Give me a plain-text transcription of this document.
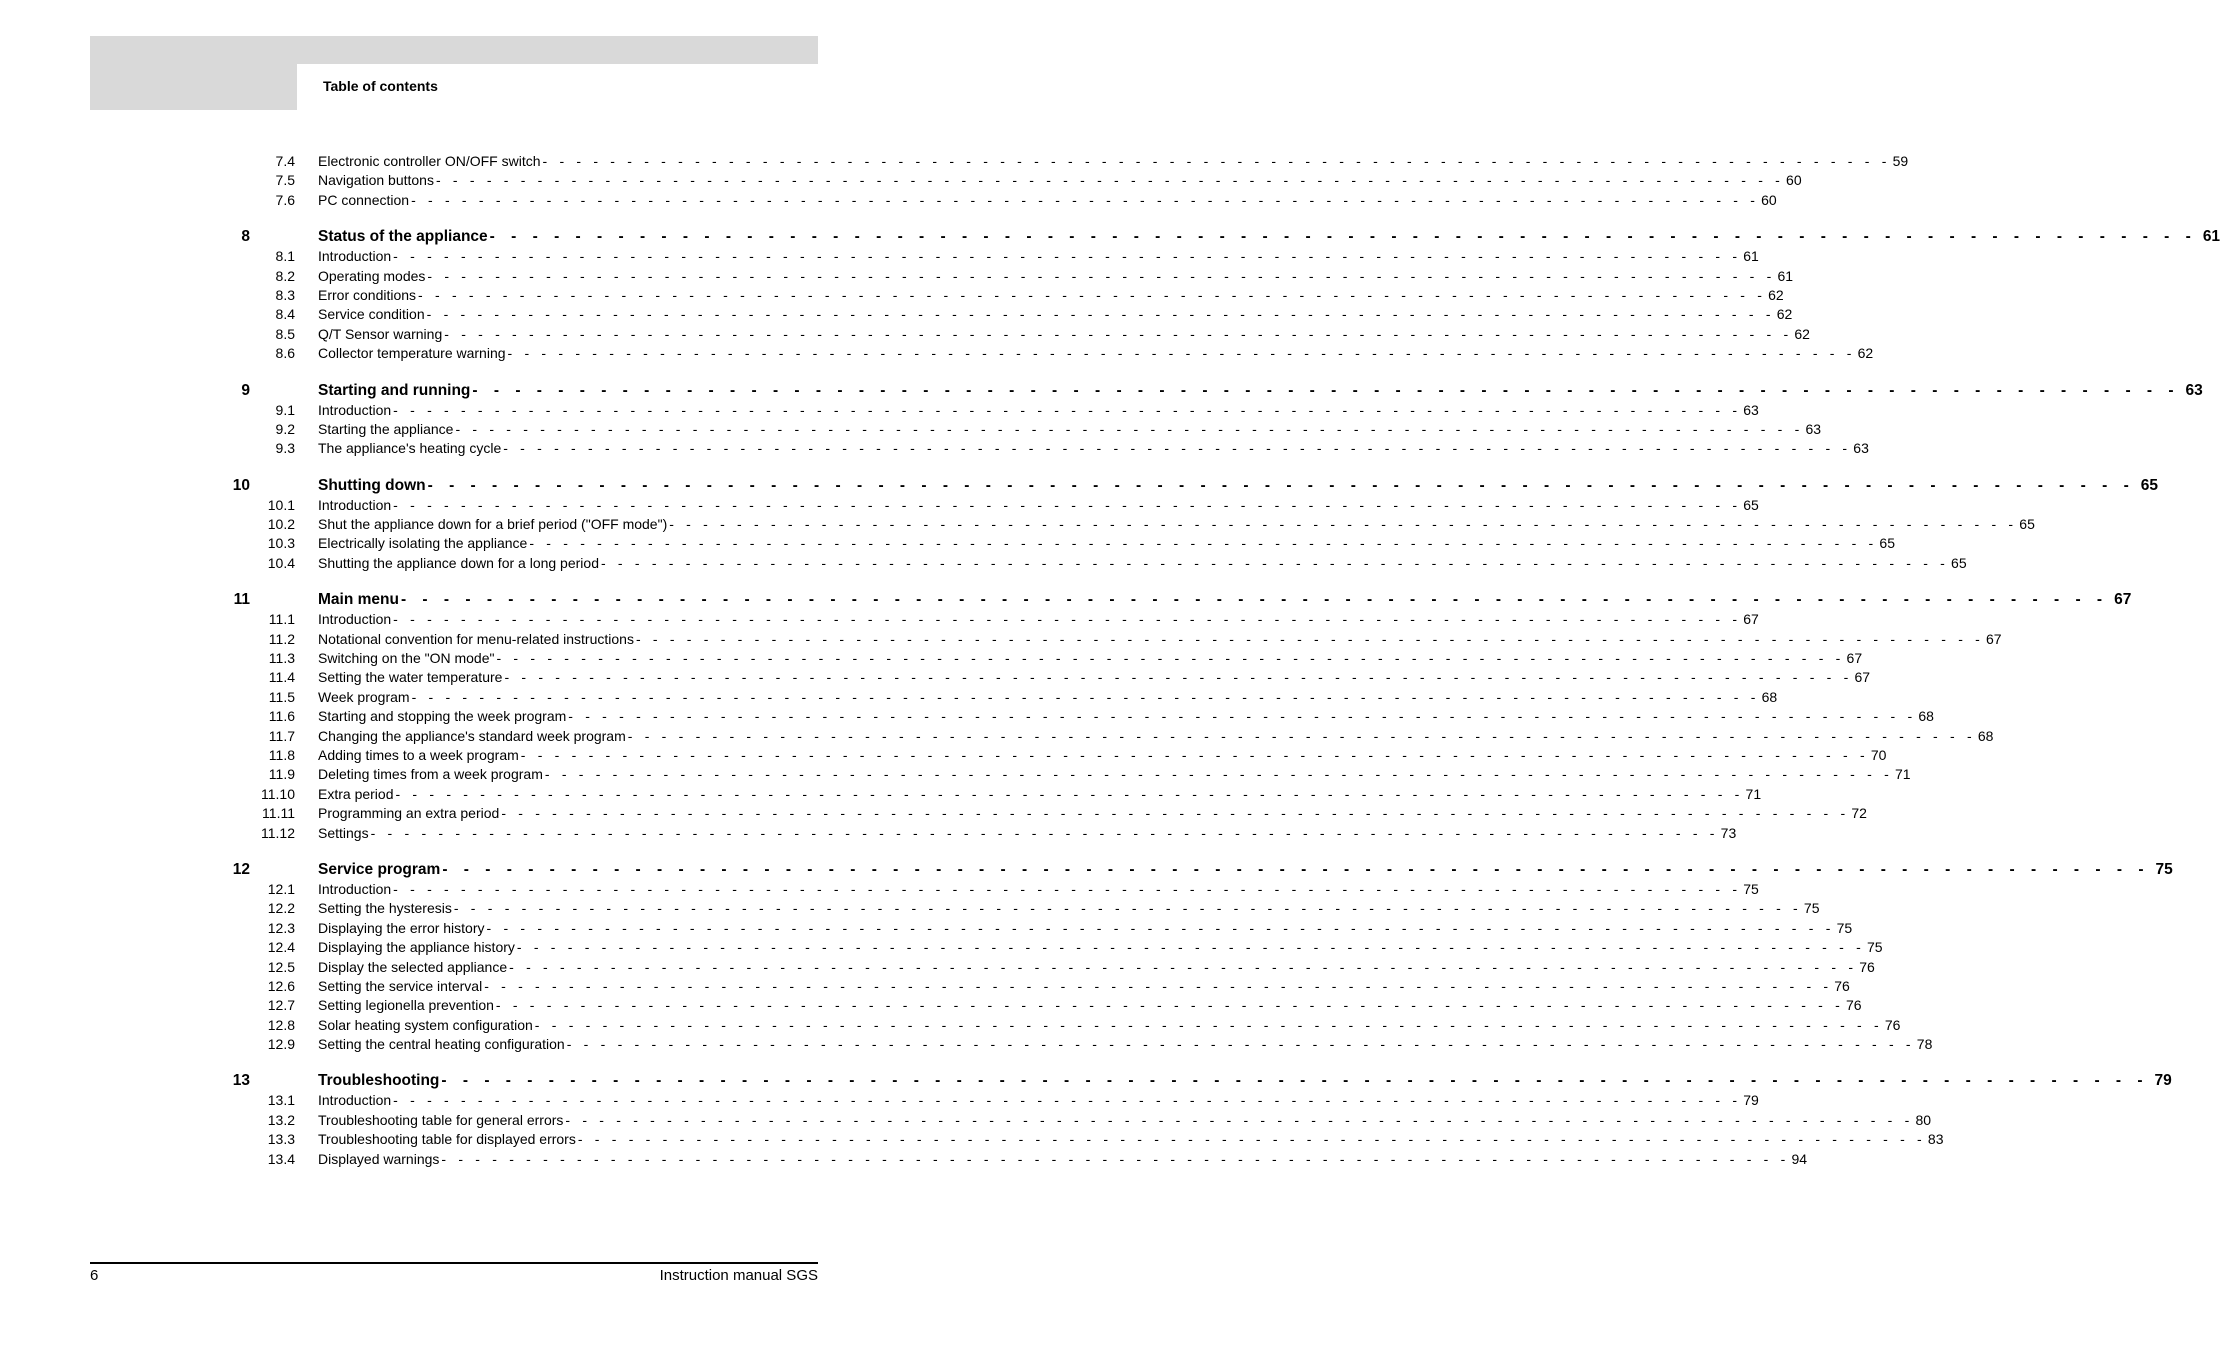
Table of contents
7.4 Electronic controller ON/OFF switch - - - - - - - - - - - - - - - - - - - - - - - - - - - - - - - - - - - - - - - - - - - - - - - - - - - - - - - - - - - - - - - - - - - - - - - - - - - - - - - - 59
7.5 Navigation buttons - - - - - - - - - - - - - - - - - - - - - - - - - - - - - - - - - - - - - - - - - - - - - - - - - - - - - - - - - - - - - - - - - - - - - - - - - - - - - - - - 60
7.6 PC connection - - - - - - - - - - - - - - - - - - - - - - - - - - - - - - - - - - - - - - - - - - - - - - - - - - - - - - - - - - - - - - - - - - - - - - - - - - - - - - - - 60
8	Status of the appliance - - - - - - - - - - - - - - - - - - - - - - - - - - - - - - - - - - - - - - - - - - - - - - - - - - - - - - - - - - - - - - - - - - - - - - - - - - - - - - - - 61
8.1 Introduction - - - - - - - - - - - - - - - - - - - - - - - - - - - - - - - - - - - - - - - - - - - - - - - - - - - - - - - - - - - - - - - - - - - - - - - - - - - - - - - - 61
8.2 Operating modes - - - - - - - - - - - - - - - - - - - - - - - - - - - - - - - - - - - - - - - - - - - - - - - - - - - - - - - - - - - - - - - - - - - - - - - - - - - - - - - - 61
8.3 Error conditions - - - - - - - - - - - - - - - - - - - - - - - - - - - - - - - - - - - - - - - - - - - - - - - - - - - - - - - - - - - - - - - - - - - - - - - - - - - - - - - - 62
8.4 Service condition - - - - - - - - - - - - - - - - - - - - - - - - - - - - - - - - - - - - - - - - - - - - - - - - - - - - - - - - - - - - - - - - - - - - - - - - - - - - - - - - 62
8.5 Q/T Sensor warning - - - - - - - - - - - - - - - - - - - - - - - - - - - - - - - - - - - - - - - - - - - - - - - - - - - - - - - - - - - - - - - - - - - - - - - - - - - - - - - - 62
8.6 Collector temperature warning - - - - - - - - - - - - - - - - - - - - - - - - - - - - - - - - - - - - - - - - - - - - - - - - - - - - - - - - - - - - - - - - - - - - - - - - - - - - - - - - 62
9	Starting and running - - - - - - - - - - - - - - - - - - - - - - - - - - - - - - - - - - - - - - - - - - - - - - - - - - - - - - - - - - - - - - - - - - - - - - - - - - - - - - - - 63
9.1 Introduction - - - - - - - - - - - - - - - - - - - - - - - - - - - - - - - - - - - - - - - - - - - - - - - - - - - - - - - - - - - - - - - - - - - - - - - - - - - - - - - - 63
9.2 Starting the appliance - - - - - - - - - - - - - - - - - - - - - - - - - - - - - - - - - - - - - - - - - - - - - - - - - - - - - - - - - - - - - - - - - - - - - - - - - - - - - - - - 63
9.3 The appliance's heating cycle - - - - - - - - - - - - - - - - - - - - - - - - - - - - - - - - - - - - - - - - - - - - - - - - - - - - - - - - - - - - - - - - - - - - - - - - - - - - - - - - 63
10	Shutting down - - - - - - - - - - - - - - - - - - - - - - - - - - - - - - - - - - - - - - - - - - - - - - - - - - - - - - - - - - - - - - - - - - - - - - - - - - - - - - - - 65
10.1 Introduction - - - - - - - - - - - - - - - - - - - - - - - - - - - - - - - - - - - - - - - - - - - - - - - - - - - - - - - - - - - - - - - - - - - - - - - - - - - - - - - - 65
10.2 Shut the appliance down for a brief period ("OFF mode") - - - - - - - - - - - - - - - - - - - - - - - - - - - - - - - - - - - - - - - - - - - - - - - - - - - - - - - - - - - - - - - - - - - - - - - - - - - - - - - - 65
10.3 Electrically isolating the appliance - - - - - - - - - - - - - - - - - - - - - - - - - - - - - - - - - - - - - - - - - - - - - - - - - - - - - - - - - - - - - - - - - - - - - - - - - - - - - - - - 65
10.4 Shutting the appliance down for a long period - - - - - - - - - - - - - - - - - - - - - - - - - - - - - - - - - - - - - - - - - - - - - - - - - - - - - - - - - - - - - - - - - - - - - - - - - - - - - - - - 65
11	Main menu - - - - - - - - - - - - - - - - - - - - - - - - - - - - - - - - - - - - - - - - - - - - - - - - - - - - - - - - - - - - - - - - - - - - - - - - - - - - - - - - 67
11.1 Introduction - - - - - - - - - - - - - - - - - - - - - - - - - - - - - - - - - - - - - - - - - - - - - - - - - - - - - - - - - - - - - - - - - - - - - - - - - - - - - - - - 67
11.2 Notational convention for menu-related instructions - - - - - - - - - - - - - - - - - - - - - - - - - - - - - - - - - - - - - - - - - - - - - - - - - - - - - - - - - - - - - - - - - - - - - - - - - - - - - - - - 67
11.3 Switching on the "ON mode" - - - - - - - - - - - - - - - - - - - - - - - - - - - - - - - - - - - - - - - - - - - - - - - - - - - - - - - - - - - - - - - - - - - - - - - - - - - - - - - - 67
11.4 Setting the water temperature - - - - - - - - - - - - - - - - - - - - - - - - - - - - - - - - - - - - - - - - - - - - - - - - - - - - - - - - - - - - - - - - - - - - - - - - - - - - - - - - 67
11.5 Week program - - - - - - - - - - - - - - - - - - - - - - - - - - - - - - - - - - - - - - - - - - - - - - - - - - - - - - - - - - - - - - - - - - - - - - - - - - - - - - - - 68
11.6 Starting and stopping the week program - - - - - - - - - - - - - - - - - - - - - - - - - - - - - - - - - - - - - - - - - - - - - - - - - - - - - - - - - - - - - - - - - - - - - - - - - - - - - - - - 68
11.7 Changing the appliance's standard week program - - - - - - - - - - - - - - - - - - - - - - - - - - - - - - - - - - - - - - - - - - - - - - - - - - - - - - - - - - - - - - - - - - - - - - - - - - - - - - - - 68
11.8 Adding times to a week program - - - - - - - - - - - - - - - - - - - - - - - - - - - - - - - - - - - - - - - - - - - - - - - - - - - - - - - - - - - - - - - - - - - - - - - - - - - - - - - - 70
11.9 Deleting times from a week program - - - - - - - - - - - - - - - - - - - - - - - - - - - - - - - - - - - - - - - - - - - - - - - - - - - - - - - - - - - - - - - - - - - - - - - - - - - - - - - - 71
11.10 Extra period - - - - - - - - - - - - - - - - - - - - - - - - - - - - - - - - - - - - - - - - - - - - - - - - - - - - - - - - - - - - - - - - - - - - - - - - - - - - - - - - 71
11.11 Programming an extra period - - - - - - - - - - - - - - - - - - - - - - - - - - - - - - - - - - - - - - - - - - - - - - - - - - - - - - - - - - - - - - - - - - - - - - - - - - - - - - - - 72
11.12 Settings - - - - - - - - - - - - - - - - - - - - - - - - - - - - - - - - - - - - - - - - - - - - - - - - - - - - - - - - - - - - - - - - - - - - - - - - - - - - - - - - 73
12	Service program - - - - - - - - - - - - - - - - - - - - - - - - - - - - - - - - - - - - - - - - - - - - - - - - - - - - - - - - - - - - - - - - - - - - - - - - - - - - - - - - 75
12.1 Introduction - - - - - - - - - - - - - - - - - - - - - - - - - - - - - - - - - - - - - - - - - - - - - - - - - - - - - - - - - - - - - - - - - - - - - - - - - - - - - - - - 75
12.2 Setting the hysteresis - - - - - - - - - - - - - - - - - - - - - - - - - - - - - - - - - - - - - - - - - - - - - - - - - - - - - - - - - - - - - - - - - - - - - - - - - - - - - - - - 75
12.3 Displaying the error history - - - - - - - - - - - - - - - - - - - - - - - - - - - - - - - - - - - - - - - - - - - - - - - - - - - - - - - - - - - - - - - - - - - - - - - - - - - - - - - - 75
12.4 Displaying the appliance history - - - - - - - - - - - - - - - - - - - - - - - - - - - - - - - - - - - - - - - - - - - - - - - - - - - - - - - - - - - - - - - - - - - - - - - - - - - - - - - - 75
12.5 Display the selected appliance - - - - - - - - - - - - - - - - - - - - - - - - - - - - - - - - - - - - - - - - - - - - - - - - - - - - - - - - - - - - - - - - - - - - - - - - - - - - - - - - 76
12.6 Setting the service interval - - - - - - - - - - - - - - - - - - - - - - - - - - - - - - - - - - - - - - - - - - - - - - - - - - - - - - - - - - - - - - - - - - - - - - - - - - - - - - - - 76
12.7 Setting legionella prevention - - - - - - - - - - - - - - - - - - - - - - - - - - - - - - - - - - - - - - - - - - - - - - - - - - - - - - - - - - - - - - - - - - - - - - - - - - - - - - - - 76
12.8 Solar heating system configuration - - - - - - - - - - - - - - - - - - - - - - - - - - - - - - - - - - - - - - - - - - - - - - - - - - - - - - - - - - - - - - - - - - - - - - - - - - - - - - - - 76
12.9 Setting the central heating configuration - - - - - - - - - - - - - - - - - - - - - - - - - - - - - - - - - - - - - - - - - - - - - - - - - - - - - - - - - - - - - - - - - - - - - - - - - - - - - - - - 78
13	Troubleshooting - - - - - - - - - - - - - - - - - - - - - - - - - - - - - - - - - - - - - - - - - - - - - - - - - - - - - - - - - - - - - - - - - - - - - - - - - - - - - - - - 79
13.1 Introduction - - - - - - - - - - - - - - - - - - - - - - - - - - - - - - - - - - - - - - - - - - - - - - - - - - - - - - - - - - - - - - - - - - - - - - - - - - - - - - - - 79
13.2 Troubleshooting table for general errors - - - - - - - - - - - - - - - - - - - - - - - - - - - - - - - - - - - - - - - - - - - - - - - - - - - - - - - - - - - - - - - - - - - - - - - - - - - - - - - - 80
13.3 Troubleshooting table for displayed errors - - - - - - - - - - - - - - - - - - - - - - - - - - - - - - - - - - - - - - - - - - - - - - - - - - - - - - - - - - - - - - - - - - - - - - - - - - - - - - - - 83
13.4 Displayed warnings - - - - - - - - - - - - - - - - - - - - - - - - - - - - - - - - - - - - - - - - - - - - - - - - - - - - - - - - - - - - - - - - - - - - - - - - - - - - - - - - 94
6	Instruction manual SGS
